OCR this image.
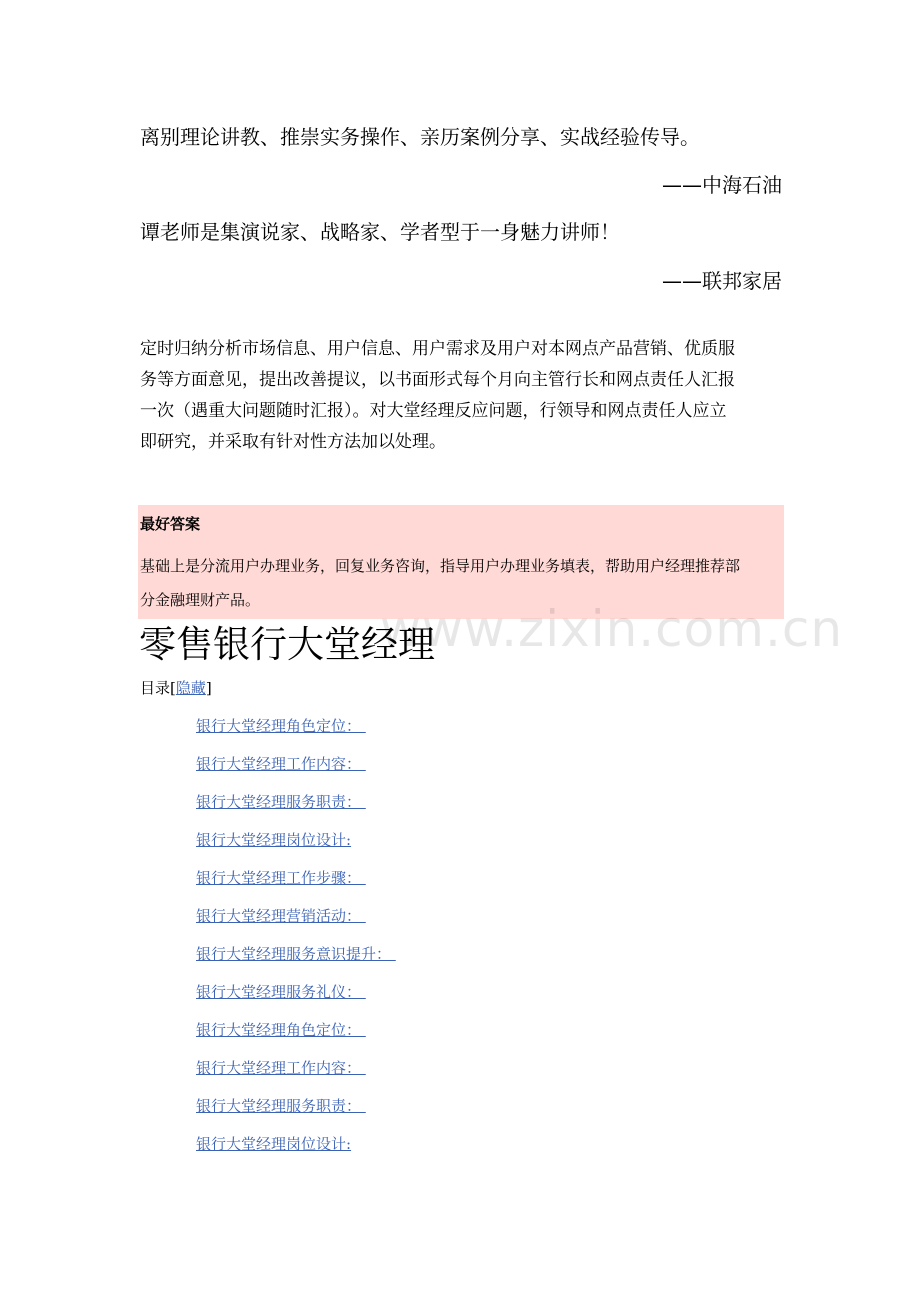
离别理论讲教、推崇实务操作、亲历案例分享、实战经验传导。
——中海石油
谭老师是集演说家、战略家、学者型于一身魅力讲师！
——联邦家居
定时归纳分析市场信息、用户信息、用户需求及用户对本网点产品营销、优质服
务等方面意见，提出改善提议，以书面形式每个月向主管行长和网点责任人汇报
一次（遇重大问题随时汇报）。对大堂经理反应问题，行领导和网点责任人应立
即研究，并采取有针对性方法加以处理。
最好答案
基础上是分流用户办理业务，回复业务咨询，指导用户办理业务填表，帮助用户经理推荐部
分金融理财产品。	www.zixin.com.cn
零售银行大堂经理
目录[隐藏]
银行大堂经理角色定位：
银行大堂经理工作内容：
银行大堂经理服务职责：
银行大堂经理岗位设计:
银行大堂经理工作步骤：
银行大堂经理营销活动：
银行大堂经理服务意识提升：
银行大堂经理服务礼仪：
银行大堂经理角色定位：
银行大堂经理工作内容：
银行大堂经理服务职责：
银行大堂经理岗位设计:
